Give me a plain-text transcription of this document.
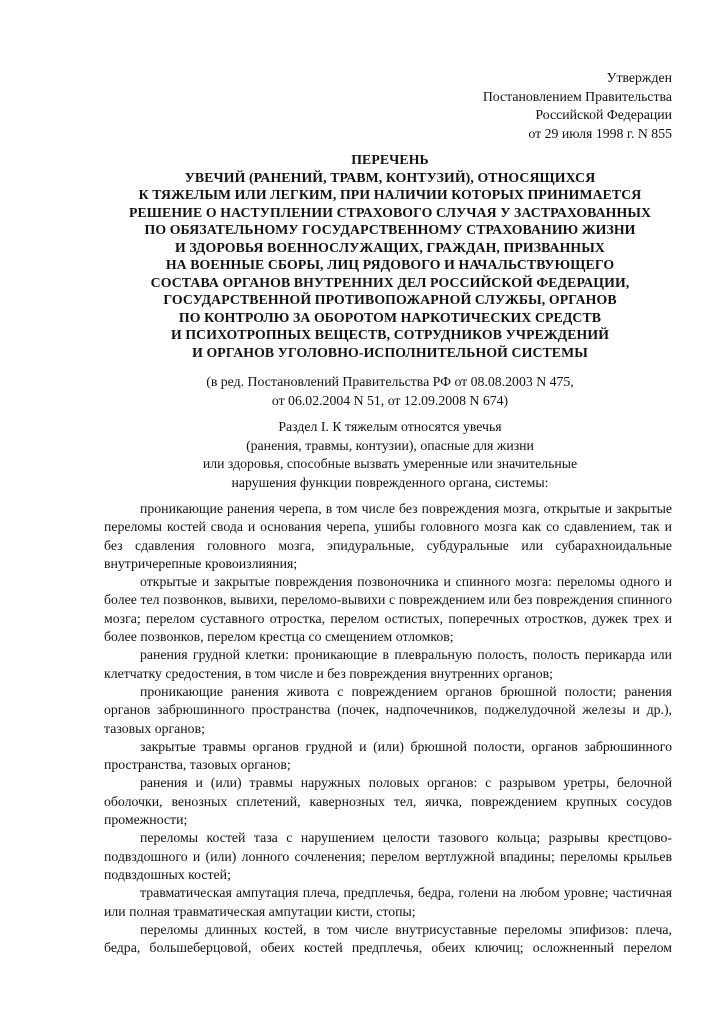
Утвержден
Постановлением Правительства
Российской Федерации
от 29 июля 1998 г. N 855
ПЕРЕЧЕНЬ
УВЕЧИЙ (РАНЕНИЙ, ТРАВМ, КОНТУЗИЙ), ОТНОСЯЩИХСЯ
К ТЯЖЕЛЫМ ИЛИ ЛЕГКИМ, ПРИ НАЛИЧИИ КОТОРЫХ ПРИНИМАЕТСЯ
РЕШЕНИЕ О НАСТУПЛЕНИИ СТРАХОВОГО СЛУЧАЯ У ЗАСТРАХОВАННЫХ
ПО ОБЯЗАТЕЛЬНОМУ ГОСУДАРСТВЕННОМУ СТРАХОВАНИЮ ЖИЗНИ
И ЗДОРОВЬЯ ВОЕННОСЛУЖАЩИХ, ГРАЖДАН, ПРИЗВАННЫХ
НА ВОЕННЫЕ СБОРЫ, ЛИЦ РЯДОВОГО И НАЧАЛЬСТВУЮЩЕГО
СОСТАВА ОРГАНОВ ВНУТРЕННИХ ДЕЛ РОССИЙСКОЙ ФЕДЕРАЦИИ,
ГОСУДАРСТВЕННОЙ ПРОТИВОПОЖАРНОЙ СЛУЖБЫ, ОРГАНОВ
ПО КОНТРОЛЮ ЗА ОБОРОТОМ НАРКОТИЧЕСКИХ СРЕДСТВ
И ПСИХОТРОПНЫХ ВЕЩЕСТВ, СОТРУДНИКОВ УЧРЕЖДЕНИЙ
И ОРГАНОВ УГОЛОВНО-ИСПОЛНИТЕЛЬНОЙ СИСТЕМЫ
(в ред. Постановлений Правительства РФ от 08.08.2003 N 475,
от 06.02.2004 N 51, от 12.09.2008 N 674)
Раздел I. К тяжелым относятся увечья
(ранения, травмы, контузии), опасные для жизни
или здоровья, способные вызвать умеренные или значительные
нарушения функции поврежденного органа, системы:

проникающие ранения черепа, в том числе без повреждения мозга, открытые и закрытые переломы костей свода и основания черепа, ушибы головного мозга как со сдавлением, так и без сдавления головного мозга, эпидуральные, субдуральные или субарахноидальные внутричерепные кровоизлияния;

открытые и закрытые повреждения позвоночника и спинного мозга: переломы одного и более тел позвонков, вывихи, переломо-вывихи с повреждением или без повреждения спинного мозга; перелом суставного отростка, перелом остистых, поперечных отростков, дужек трех и более позвонков, перелом крестца со смещением отломков;

ранения грудной клетки: проникающие в плевральную полость, полость перикарда или клетчатку средостения, в том числе и без повреждения внутренних органов;

проникающие ранения живота с повреждением органов брюшной полости; ранения органов забрюшинного пространства (почек, надпочечников, поджелудочной железы и др.), тазовых органов;

закрытые травмы органов грудной и (или) брюшной полости, органов забрюшинного пространства, тазовых органов;

ранения и (или) травмы наружных половых органов: с разрывом уретры, белочной оболочки, венозных сплетений, кавернозных тел, яичка, повреждением крупных сосудов промежности;

переломы костей таза с нарушением целости тазового кольца; разрывы крестцово-подвздошного и (или) лонного сочленения; перелом вертлужной впадины; переломы крыльев подвздошных костей;

травматическая ампутация плеча, предплечья, бедра, голени на любом уровне; частичная или полная травматическая ампутации кисти, стопы;

переломы длинных костей, в том числе внутрисуставные переломы эпифизов: плеча, бедра, большеберцовой, обеих костей предплечья, обеих ключиц; осложненный перелом
